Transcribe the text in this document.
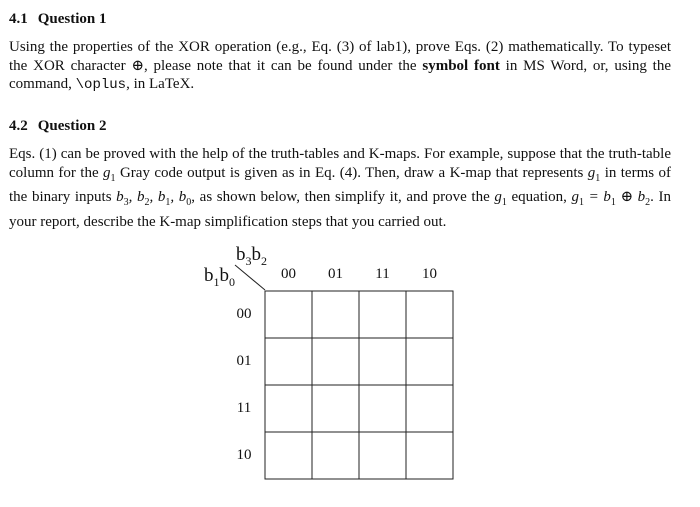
4.1 Question 1
Using the properties of the XOR operation (e.g., Eq. (3) of lab1), prove Eqs. (2) mathematically. To typeset the XOR character ⊕, please note that it can be found under the symbol font in MS Word, or, using the command, \oplus, in LaTeX.
4.2 Question 2
Eqs. (1) can be proved with the help of the truth-tables and K-maps. For example, suppose that the truth-table column for the $g_1$ Gray code output is given as in Eq. (4). Then, draw a K-map that represents $g_1$ in terms of the binary inputs $b_3$, $b_2$, $b_1$, $b_0$, as shown below, then simplify it, and prove the $g_1$ equation, $g_1 = b_1$ ⊕ $b_2$. In your report, describe the K-map simplification steps that you carried out.
$b_3b_2$
$b_1b_0$	00	01	11	10
00
01
11
10
